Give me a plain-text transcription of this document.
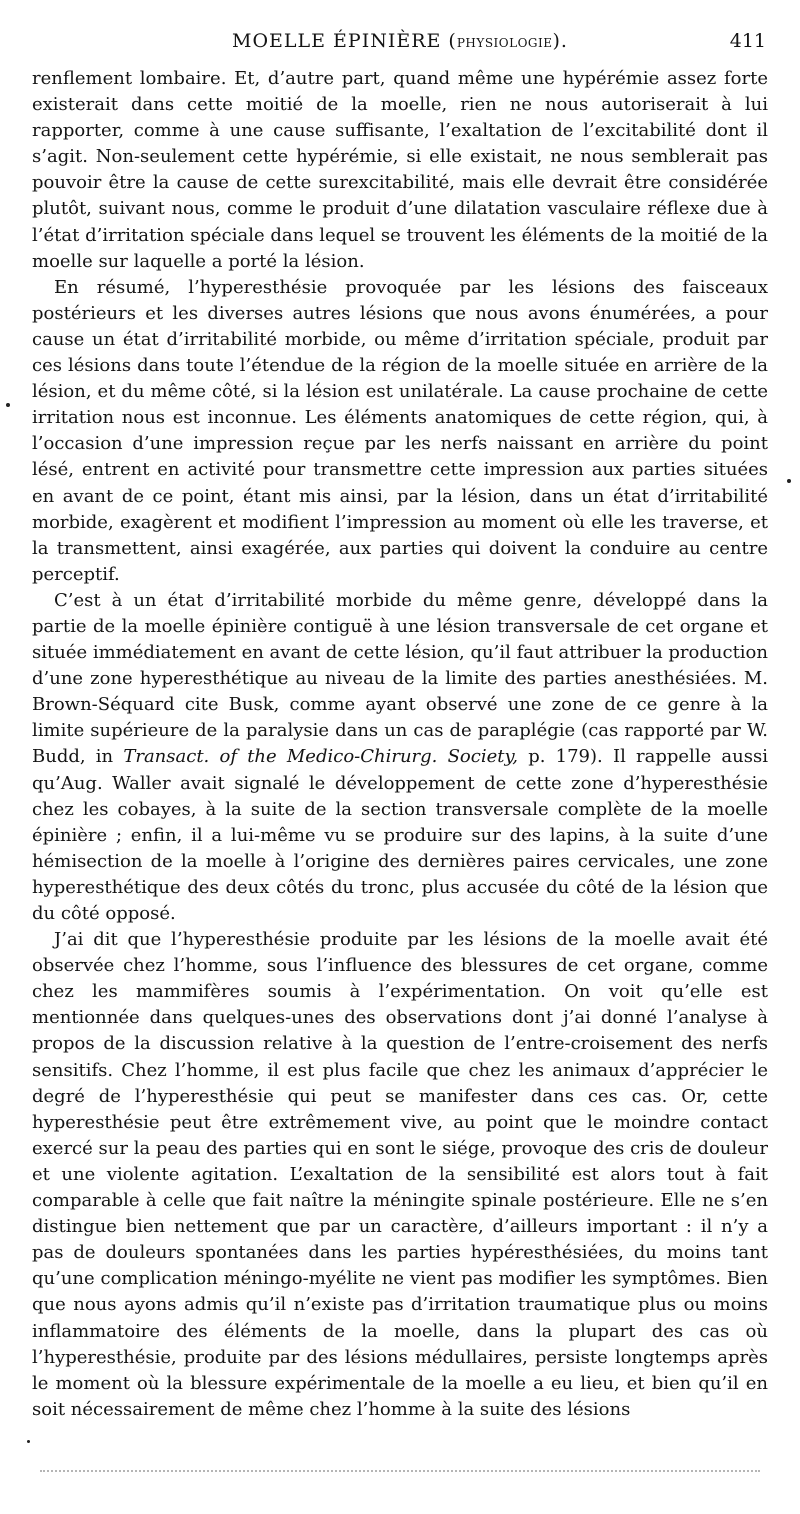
MOELLE ÉPINIÈRE (PHYSIOLOGIE).	411

renflement lombaire. Et, d’autre part, quand même une hypérémie assez forte existerait dans cette moitié de la moelle, rien ne nous autoriserait à lui rapporter, comme à une cause suffisante, l’exaltation de l’excitabilité dont il s’agit. Non-seulement cette hypérémie, si elle existait, ne nous semblerait pas pouvoir être la cause de cette surexcitabilité, mais elle devrait être considérée plutôt, suivant nous, comme le produit d’une dilatation vasculaire réflexe due à l’état d’irritation spéciale dans lequel se trouvent les éléments de la moitié de la moelle sur laquelle a porté la lésion.

En résumé, l’hyperesthésie provoquée par les lésions des faisceaux postérieurs et les diverses autres lésions que nous avons énumérées, a pour cause un état d’irritabilité morbide, ou même d’irritation spéciale, produit par ces lésions dans toute l’étendue de la région de la moelle située en arrière de la lésion, et du même côté, si la lésion est unilatérale. La cause prochaine de cette irritation nous est inconnue. Les éléments anatomiques de cette région, qui, à l’occasion d’une impression reçue par les nerfs naissant en arrière du point lésé, entrent en activité pour transmettre cette impression aux parties situées en avant de ce point, étant mis ainsi, par la lésion, dans un état d’irritabilité morbide, exagèrent et modifient l’impression au moment où elle les traverse, et la transmettent, ainsi exagérée, aux parties qui doivent la conduire au centre perceptif.

C’est à un état d’irritabilité morbide du même genre, développé dans la partie de la moelle épinière contiguë à une lésion transversale de cet organe et située immédiatement en avant de cette lésion, qu’il faut attribuer la production d’une zone hyperesthétique au niveau de la limite des parties anesthésiées. M. Brown-Séquard cite Busk, comme ayant observé une zone de ce genre à la limite supérieure de la paralysie dans un cas de paraplégie (cas rapporté par W. Budd, in Transact. of the Medico-Chirurg. Society, p. 179). Il rappelle aussi qu’Aug. Waller avait signalé le développement de cette zone d’hyperesthésie chez les cobayes, à la suite de la section transversale complète de la moelle épinière ; enfin, il a lui-même vu se produire sur des lapins, à la suite d’une hémisection de la moelle à l’origine des dernières paires cervicales, une zone hyperesthétique des deux côtés du tronc, plus accusée du côté de la lésion que du côté opposé.

J’ai dit que l’hyperesthésie produite par les lésions de la moelle avait été observée chez l’homme, sous l’influence des blessures de cet organe, comme chez les mammifères soumis à l’expérimentation. On voit qu’elle est mentionnée dans quelques-unes des observations dont j’ai donné l’analyse à propos de la discussion relative à la question de l’entre-croisement des nerfs sensitifs. Chez l’homme, il est plus facile que chez les animaux d’apprécier le degré de l’hyperesthésie qui peut se manifester dans ces cas. Or, cette hyperesthésie peut être extrêmement vive, au point que le moindre contact exercé sur la peau des parties qui en sont le siége, provoque des cris de douleur et une violente agitation. L’exaltation de la sensibilité est alors tout à fait comparable à celle que fait naître la méningite spinale postérieure. Elle ne s’en distingue bien nettement que par un caractère, d’ailleurs important : il n’y a pas de douleurs spontanées dans les parties hypéresthésiées, du moins tant qu’une complication méningo-myélite ne vient pas modifier les symptômes. Bien que nous ayons admis qu’il n’existe pas d’irritation traumatique plus ou moins inflammatoire des éléments de la moelle, dans la plupart des cas où l’hyperesthésie, produite par des lésions médullaires, persiste longtemps après le moment où la blessure expérimentale de la moelle a eu lieu, et bien qu’il en soit nécessairement de même chez l’homme à la suite des lésions
